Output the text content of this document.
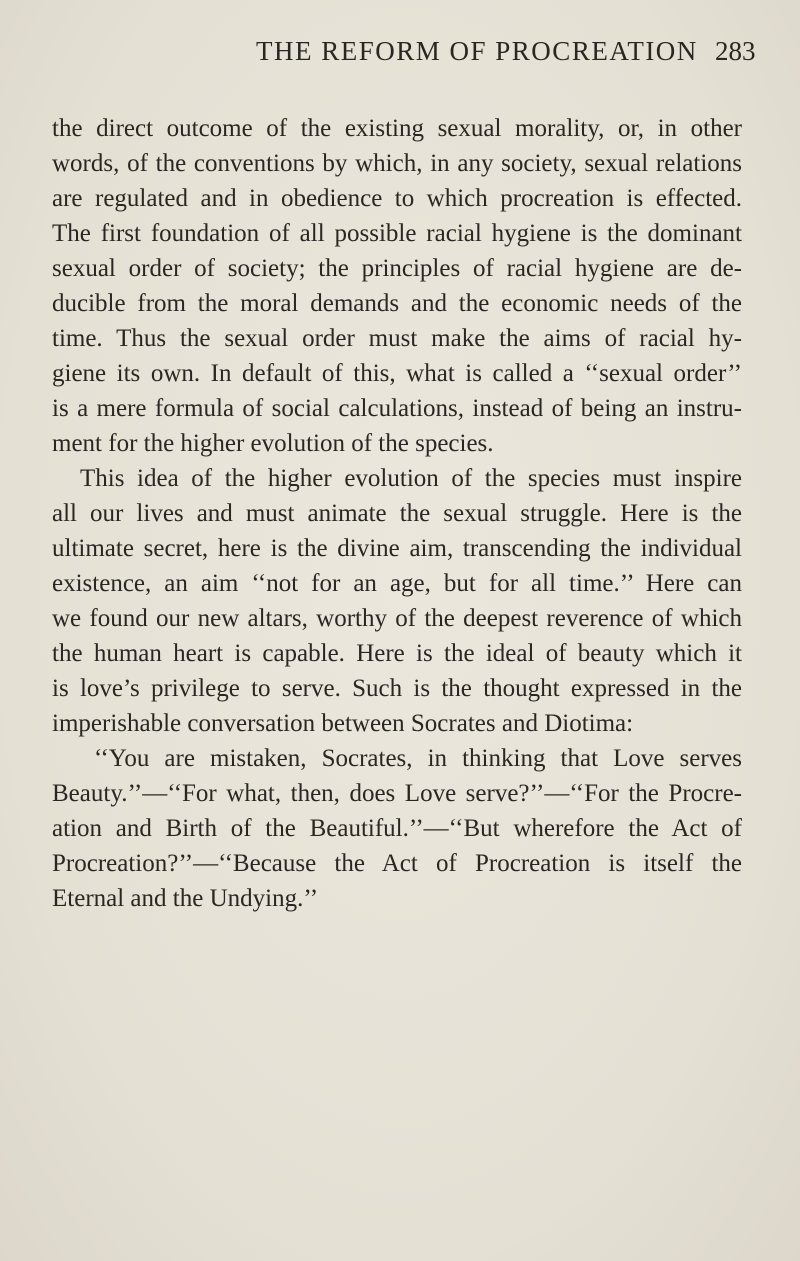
THE REFORM OF PROCREATION 283
the direct outcome of the existing sexual morality, or, in other
words, of the conventions by which, in any society, sexual relations
are regulated and in obedience to which procreation is effected.
The first foundation of all possible racial hygiene is the dominant
sexual order of society; the principles of racial hygiene are de-
ducible from the moral demands and the economic needs of the
time. Thus the sexual order must make the aims of racial hy-
giene its own. In default of this, what is called a ‘‘sexual order’’
is a mere formula of social calculations, instead of being an instru-
ment for the higher evolution of the species.
This idea of the higher evolution of the species must inspire
all our lives and must animate the sexual struggle. Here is the
ultimate secret, here is the divine aim, transcending the individual
existence, an aim ‘‘not for an age, but for all time.’’ Here can
we found our new altars, worthy of the deepest reverence of which
the human heart is capable. Here is the ideal of beauty which it
is love’s privilege to serve. Such is the thought expressed in the
imperishable conversation between Socrates and Diotima:
‘‘You are mistaken, Socrates, in thinking that Love serves
Beauty.’’—‘‘For what, then, does Love serve?’’—‘‘For the Procre-
ation and Birth of the Beautiful.’’—‘‘But wherefore the Act of
Procreation?’’—‘‘Because the Act of Procreation is itself the
Eternal and the Undying.’’
